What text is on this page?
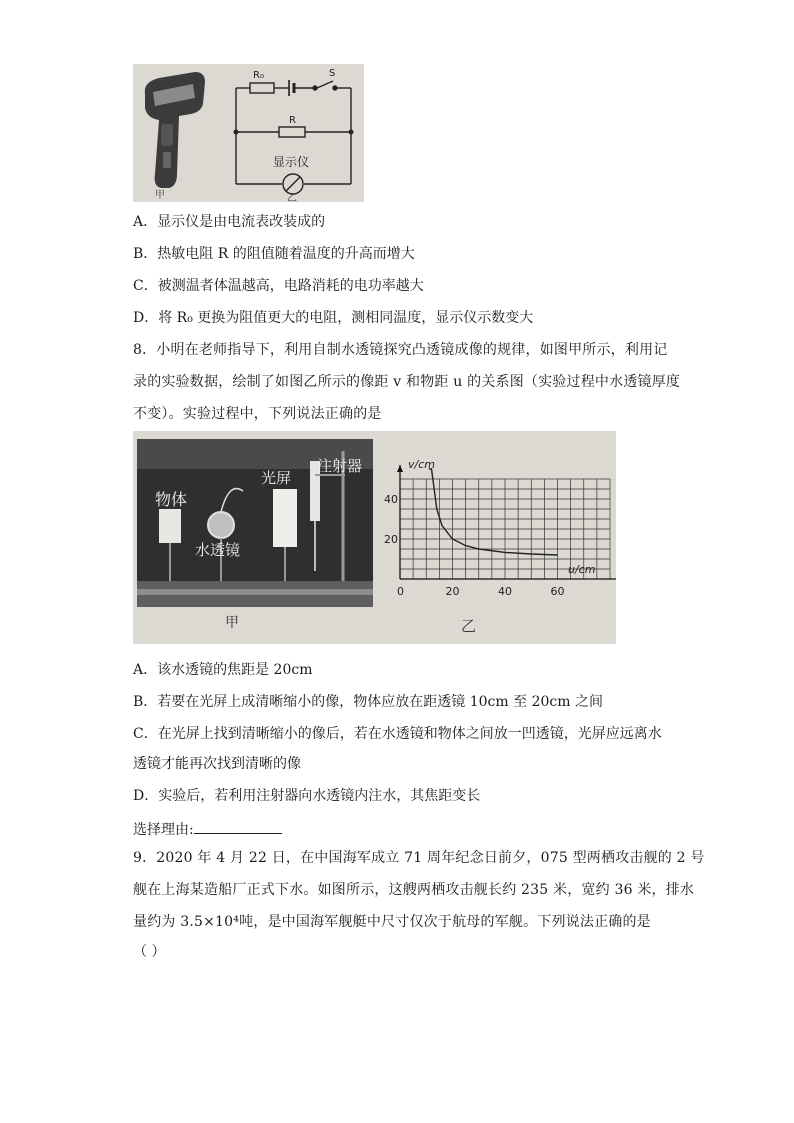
甲
R₀	S
R
显示仪
乙
A．显示仪是由电流表改装成的
B．热敏电阻 R 的阻值随着温度的升高而增大
C．被测温者体温越高，电路消耗的电功率越大
D．将 R₀ 更换为阻值更大的电阻，测相同温度，显示仪示数变大
8．小明在老师指导下，利用自制水透镜探究凸透镜成像的规律，如图甲所示，利用记
录的实验数据，绘制了如图乙所示的像距 v 和物距 u 的关系图（实验过程中水透镜厚度
不变）。实验过程中，下列说法正确的是
物体
水透镜
光屏
注射器
甲
0	20	40	60
20
40
v/cm
u/cm
乙
A．该水透镜的焦距是 20cm
B．若要在光屏上成清晰缩小的像，物体应放在距透镜 10cm 至 20cm 之间
C．在光屏上找到清晰缩小的像后，若在水透镜和物体之间放一凹透镜，光屏应远离水
透镜才能再次找到清晰的像
D．实验后，若利用注射器向水透镜内注水，其焦距变长
选择理由:
9．2020 年 4 月 22 日，在中国海军成立 71 周年纪念日前夕，075 型两栖攻击舰的 2 号
舰在上海某造船厂正式下水。如图所示，这艘两栖攻击舰长约 235 米，宽约 36 米，排水
量约为 3.5×10⁴吨，是中国海军舰艇中尺寸仅次于航母的军舰。下列说法正确的是
（ ）
